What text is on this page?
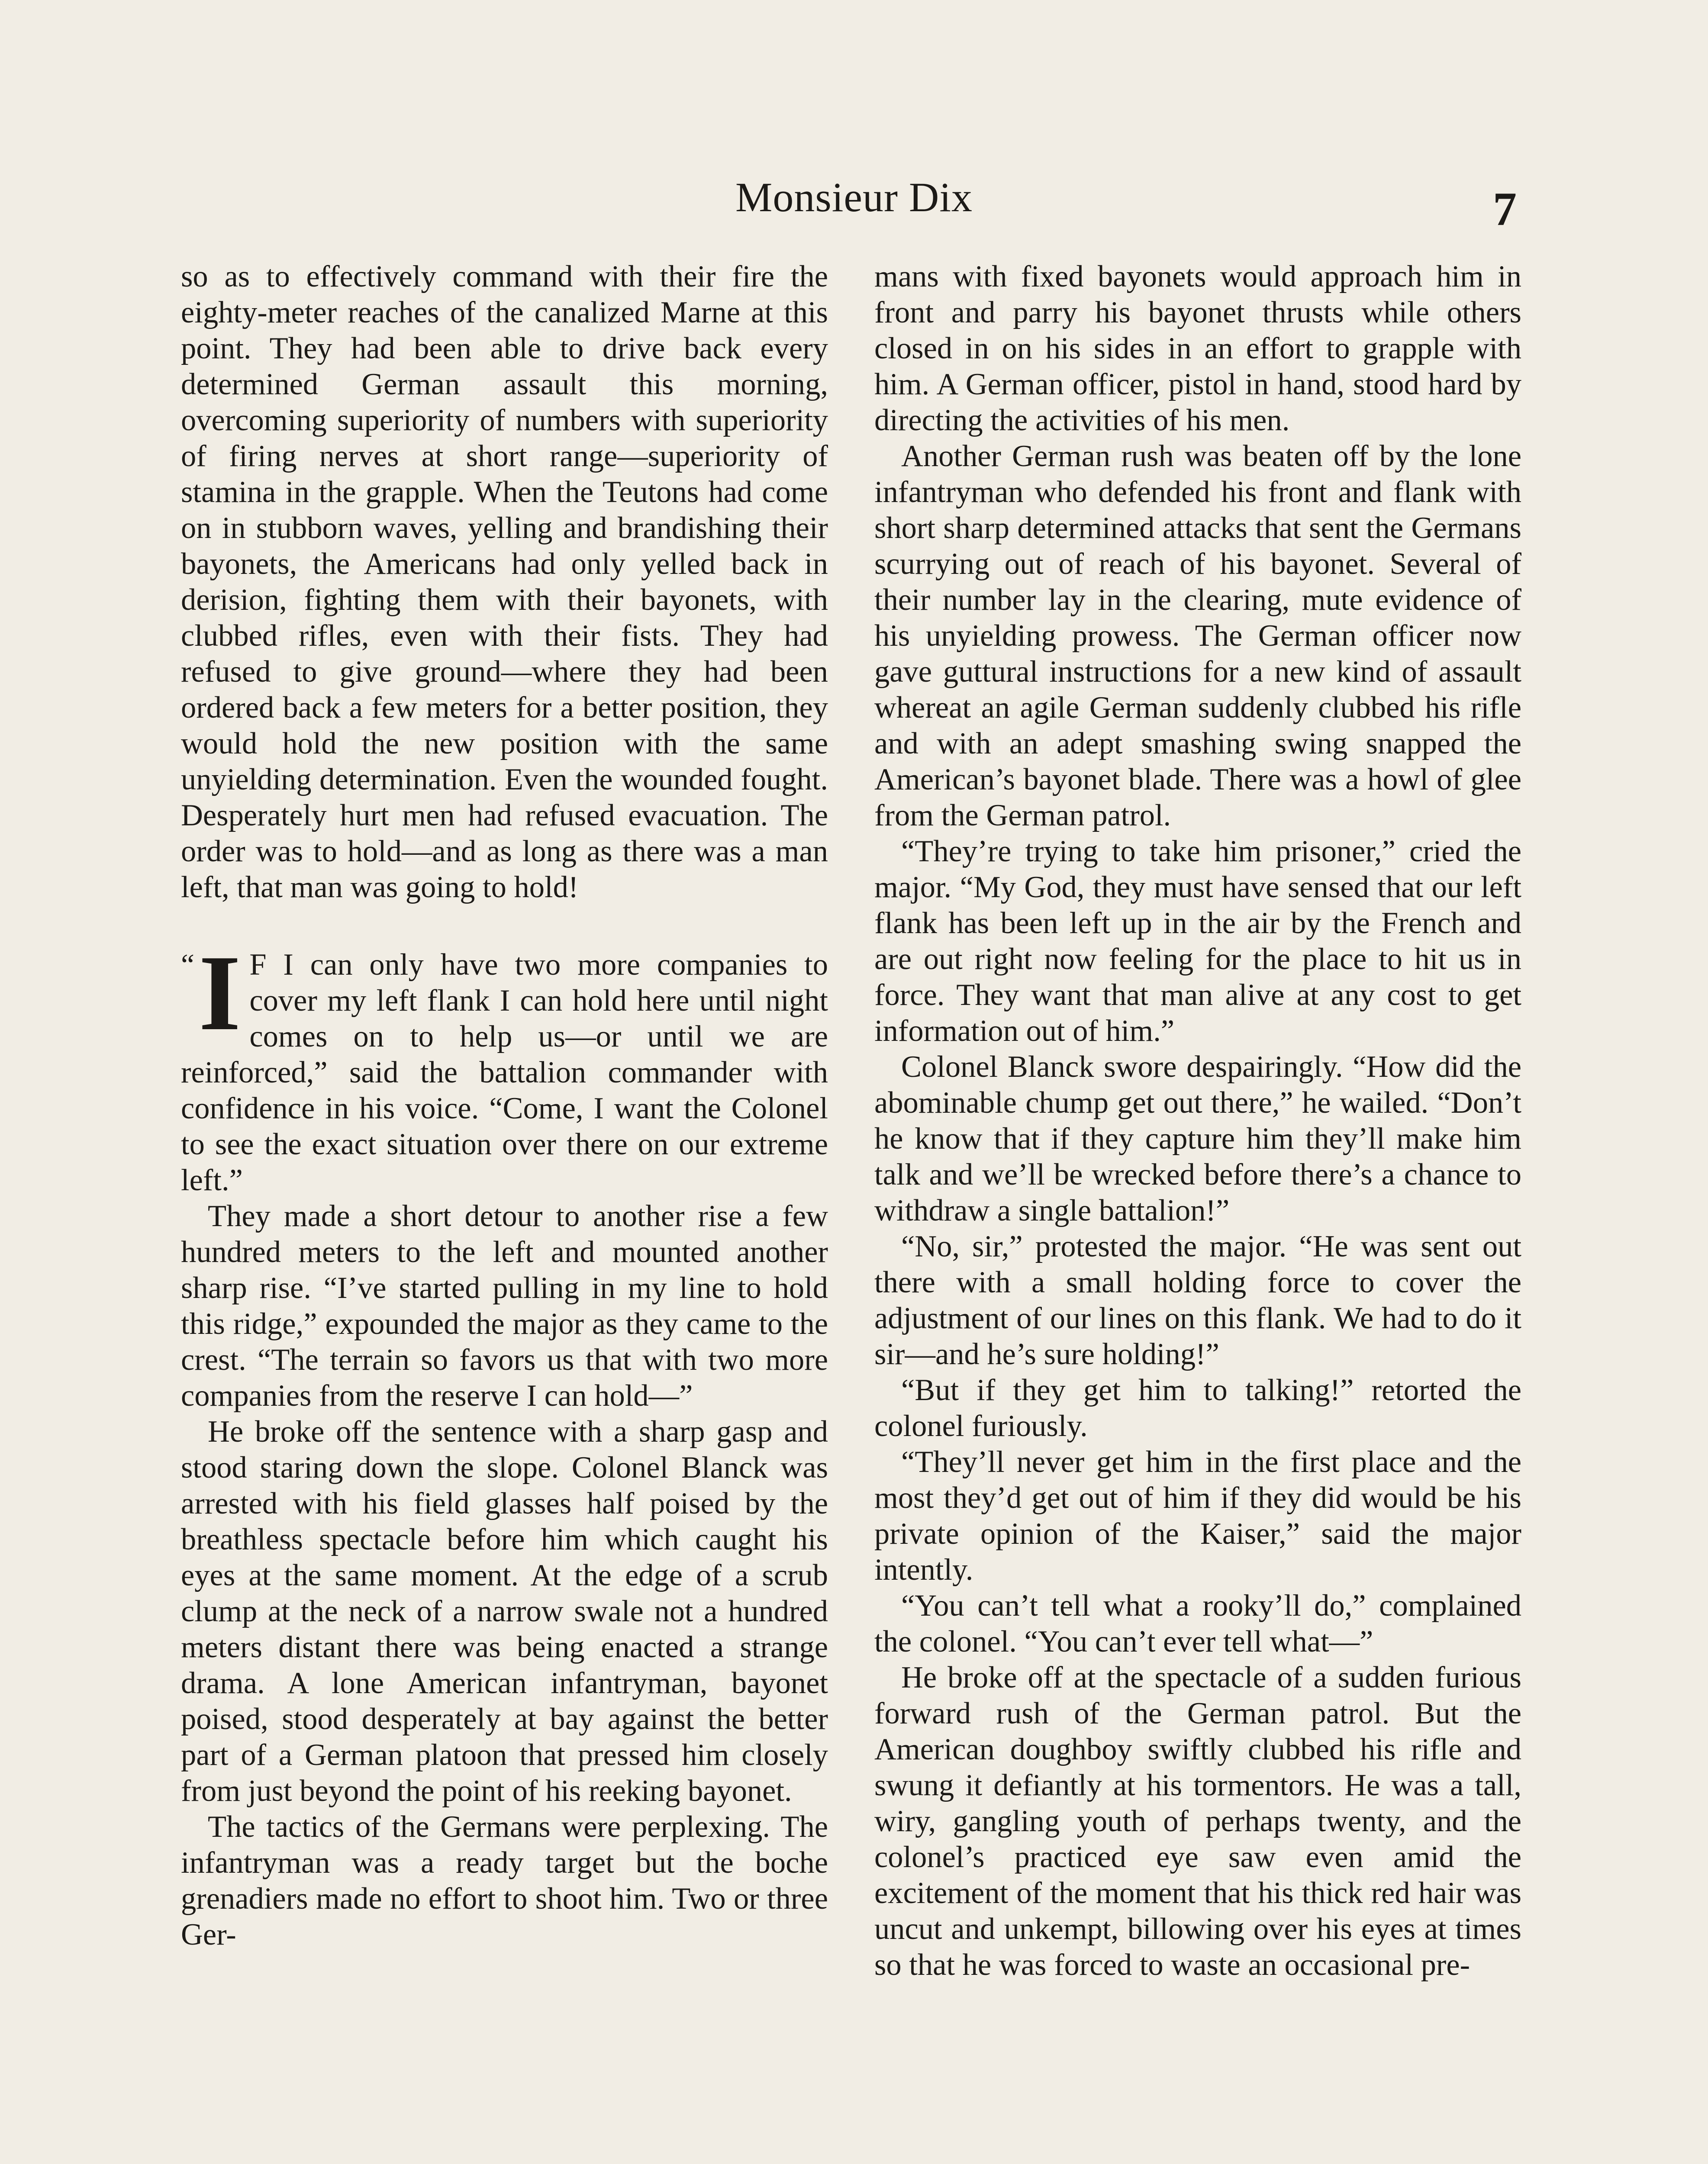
Monsieur Dix	7

so as to effectively command with their fire the eighty-meter reaches of the canalized Marne at this point. They had been able to drive back every determined German assault this morning, overcoming superiority of numbers with superiority of firing nerves at short range—superiority of stamina in the grapple. When the Teutons had come on in stubborn waves, yelling and brandishing their bayonets, the Americans had only yelled back in derision, fighting them with their bayonets, with clubbed rifles, even with their fists. They had refused to give ground—where they had been ordered back a few meters for a better position, they would hold the new position with the same unyielding determination. Even the wounded fought. Desperately hurt men had refused evacuation. The order was to hold—and as long as there was a man left, that man was going to hold!

“ I F I can only have two more companies to cover my left flank I can hold here until night comes on to help us—or until we are reinforced,” said the battalion commander with confidence in his voice. “Come, I want the Colonel to see the exact situation over there on our extreme left.”

They made a short detour to another rise a few hundred meters to the left and mounted another sharp rise. “I’ve started pulling in my line to hold this ridge,” expounded the major as they came to the crest. “The terrain so favors us that with two more companies from the reserve I can hold—”

He broke off the sentence with a sharp gasp and stood staring down the slope. Colonel Blanck was arrested with his field glasses half poised by the breathless spectacle before him which caught his eyes at the same moment. At the edge of a scrub clump at the neck of a narrow swale not a hundred meters distant there was being enacted a strange drama. A lone American infantryman, bayonet poised, stood desperately at bay against the better part of a German platoon that pressed him closely from just beyond the point of his reeking bayonet.

The tactics of the Germans were perplexing. The infantryman was a ready target but the boche grenadiers made no effort to shoot him. Two or three Ger-

mans with fixed bayonets would approach him in front and parry his bayonet thrusts while others closed in on his sides in an effort to grapple with him. A German officer, pistol in hand, stood hard by directing the activities of his men.

Another German rush was beaten off by the lone infantryman who defended his front and flank with short sharp determined attacks that sent the Germans scurrying out of reach of his bayonet. Several of their number lay in the clearing, mute evidence of his unyielding prowess. The German officer now gave guttural instructions for a new kind of assault whereat an agile German suddenly clubbed his rifle and with an adept smashing swing snapped the American’s bayonet blade. There was a howl of glee from the German patrol.

“They’re trying to take him prisoner,” cried the major. “My God, they must have sensed that our left flank has been left up in the air by the French and are out right now feeling for the place to hit us in force. They want that man alive at any cost to get information out of him.”

Colonel Blanck swore despairingly. “How did the abominable chump get out there,” he wailed. “Don’t he know that if they capture him they’ll make him talk and we’ll be wrecked before there’s a chance to withdraw a single battalion!”

“No, sir,” protested the major. “He was sent out there with a small holding force to cover the adjustment of our lines on this flank. We had to do it sir—and he’s sure holding!”

“But if they get him to talking!” retorted the colonel furiously.

“They’ll never get him in the first place and the most they’d get out of him if they did would be his private opinion of the Kaiser,” said the major intently.

“You can’t tell what a rooky’ll do,” complained the colonel. “You can’t ever tell what—”

He broke off at the spectacle of a sudden furious forward rush of the German patrol. But the American doughboy swiftly clubbed his rifle and swung it defiantly at his tormentors. He was a tall, wiry, gangling youth of perhaps twenty, and the colonel’s practiced eye saw even amid the excitement of the moment that his thick red hair was uncut and unkempt, billowing over his eyes at times so that he was forced to waste an occasional pre-
